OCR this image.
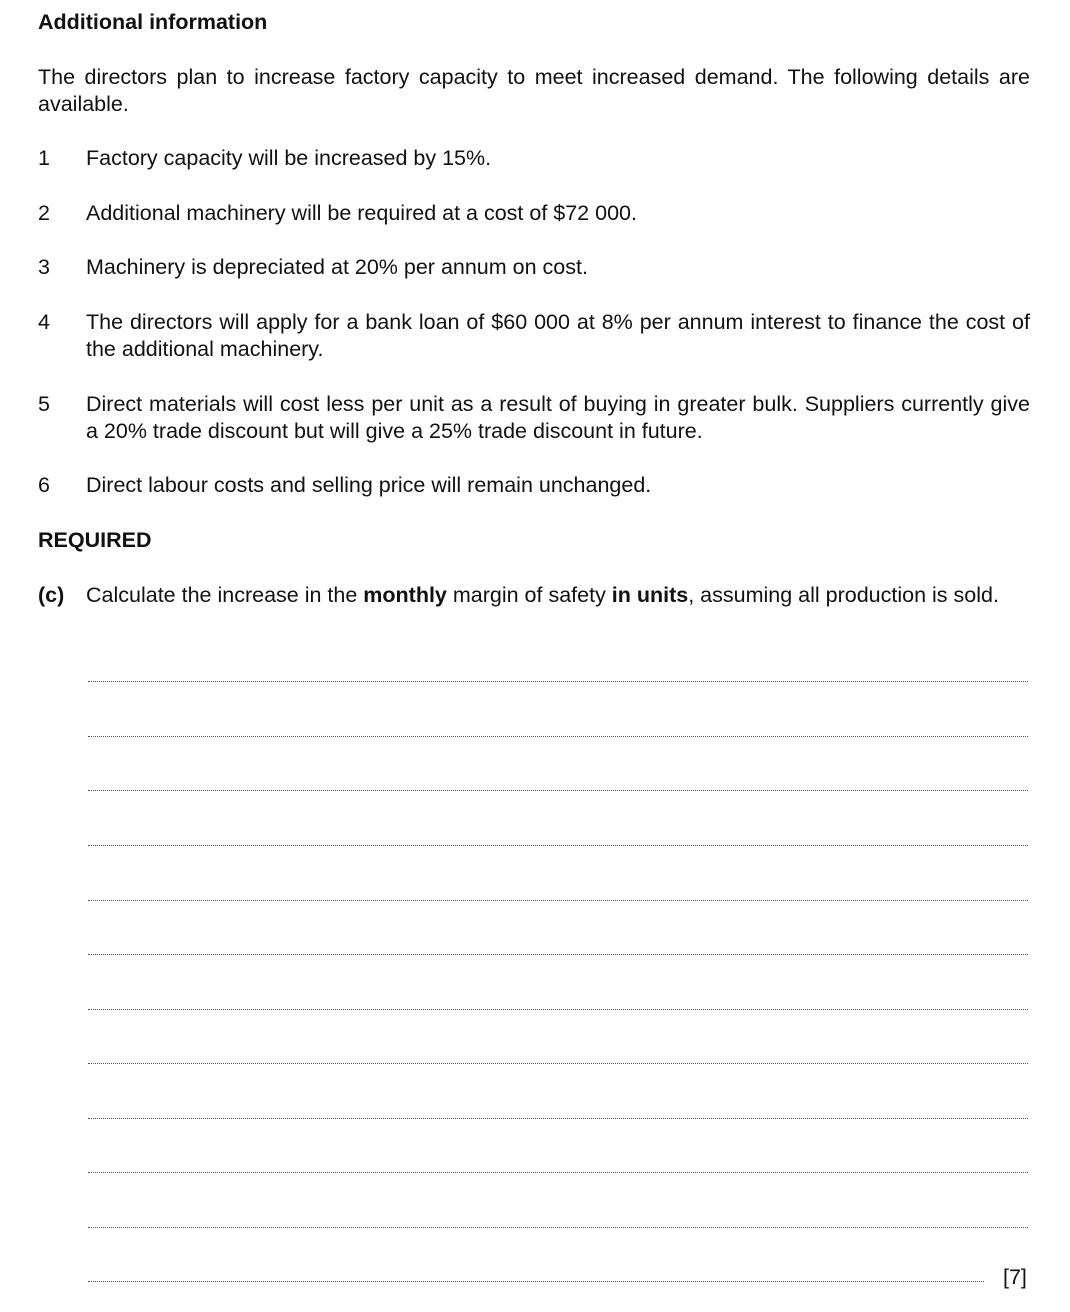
Additional information
The directors plan to increase factory capacity to meet increased demand. The following details are available.
1 Factory capacity will be increased by 15%.
2 Additional machinery will be required at a cost of $72 000.
3 Machinery is depreciated at 20% per annum on cost.
4 The directors will apply for a bank loan of $60 000 at 8% per annum interest to finance the cost of the additional machinery.
5 Direct materials will cost less per unit as a result of buying in greater bulk. Suppliers currently give a 20% trade discount but will give a 25% trade discount in future.
6 Direct labour costs and selling price will remain unchanged.
REQUIRED
(c) Calculate the increase in the monthly margin of safety in units, assuming all production is sold.
[7]
